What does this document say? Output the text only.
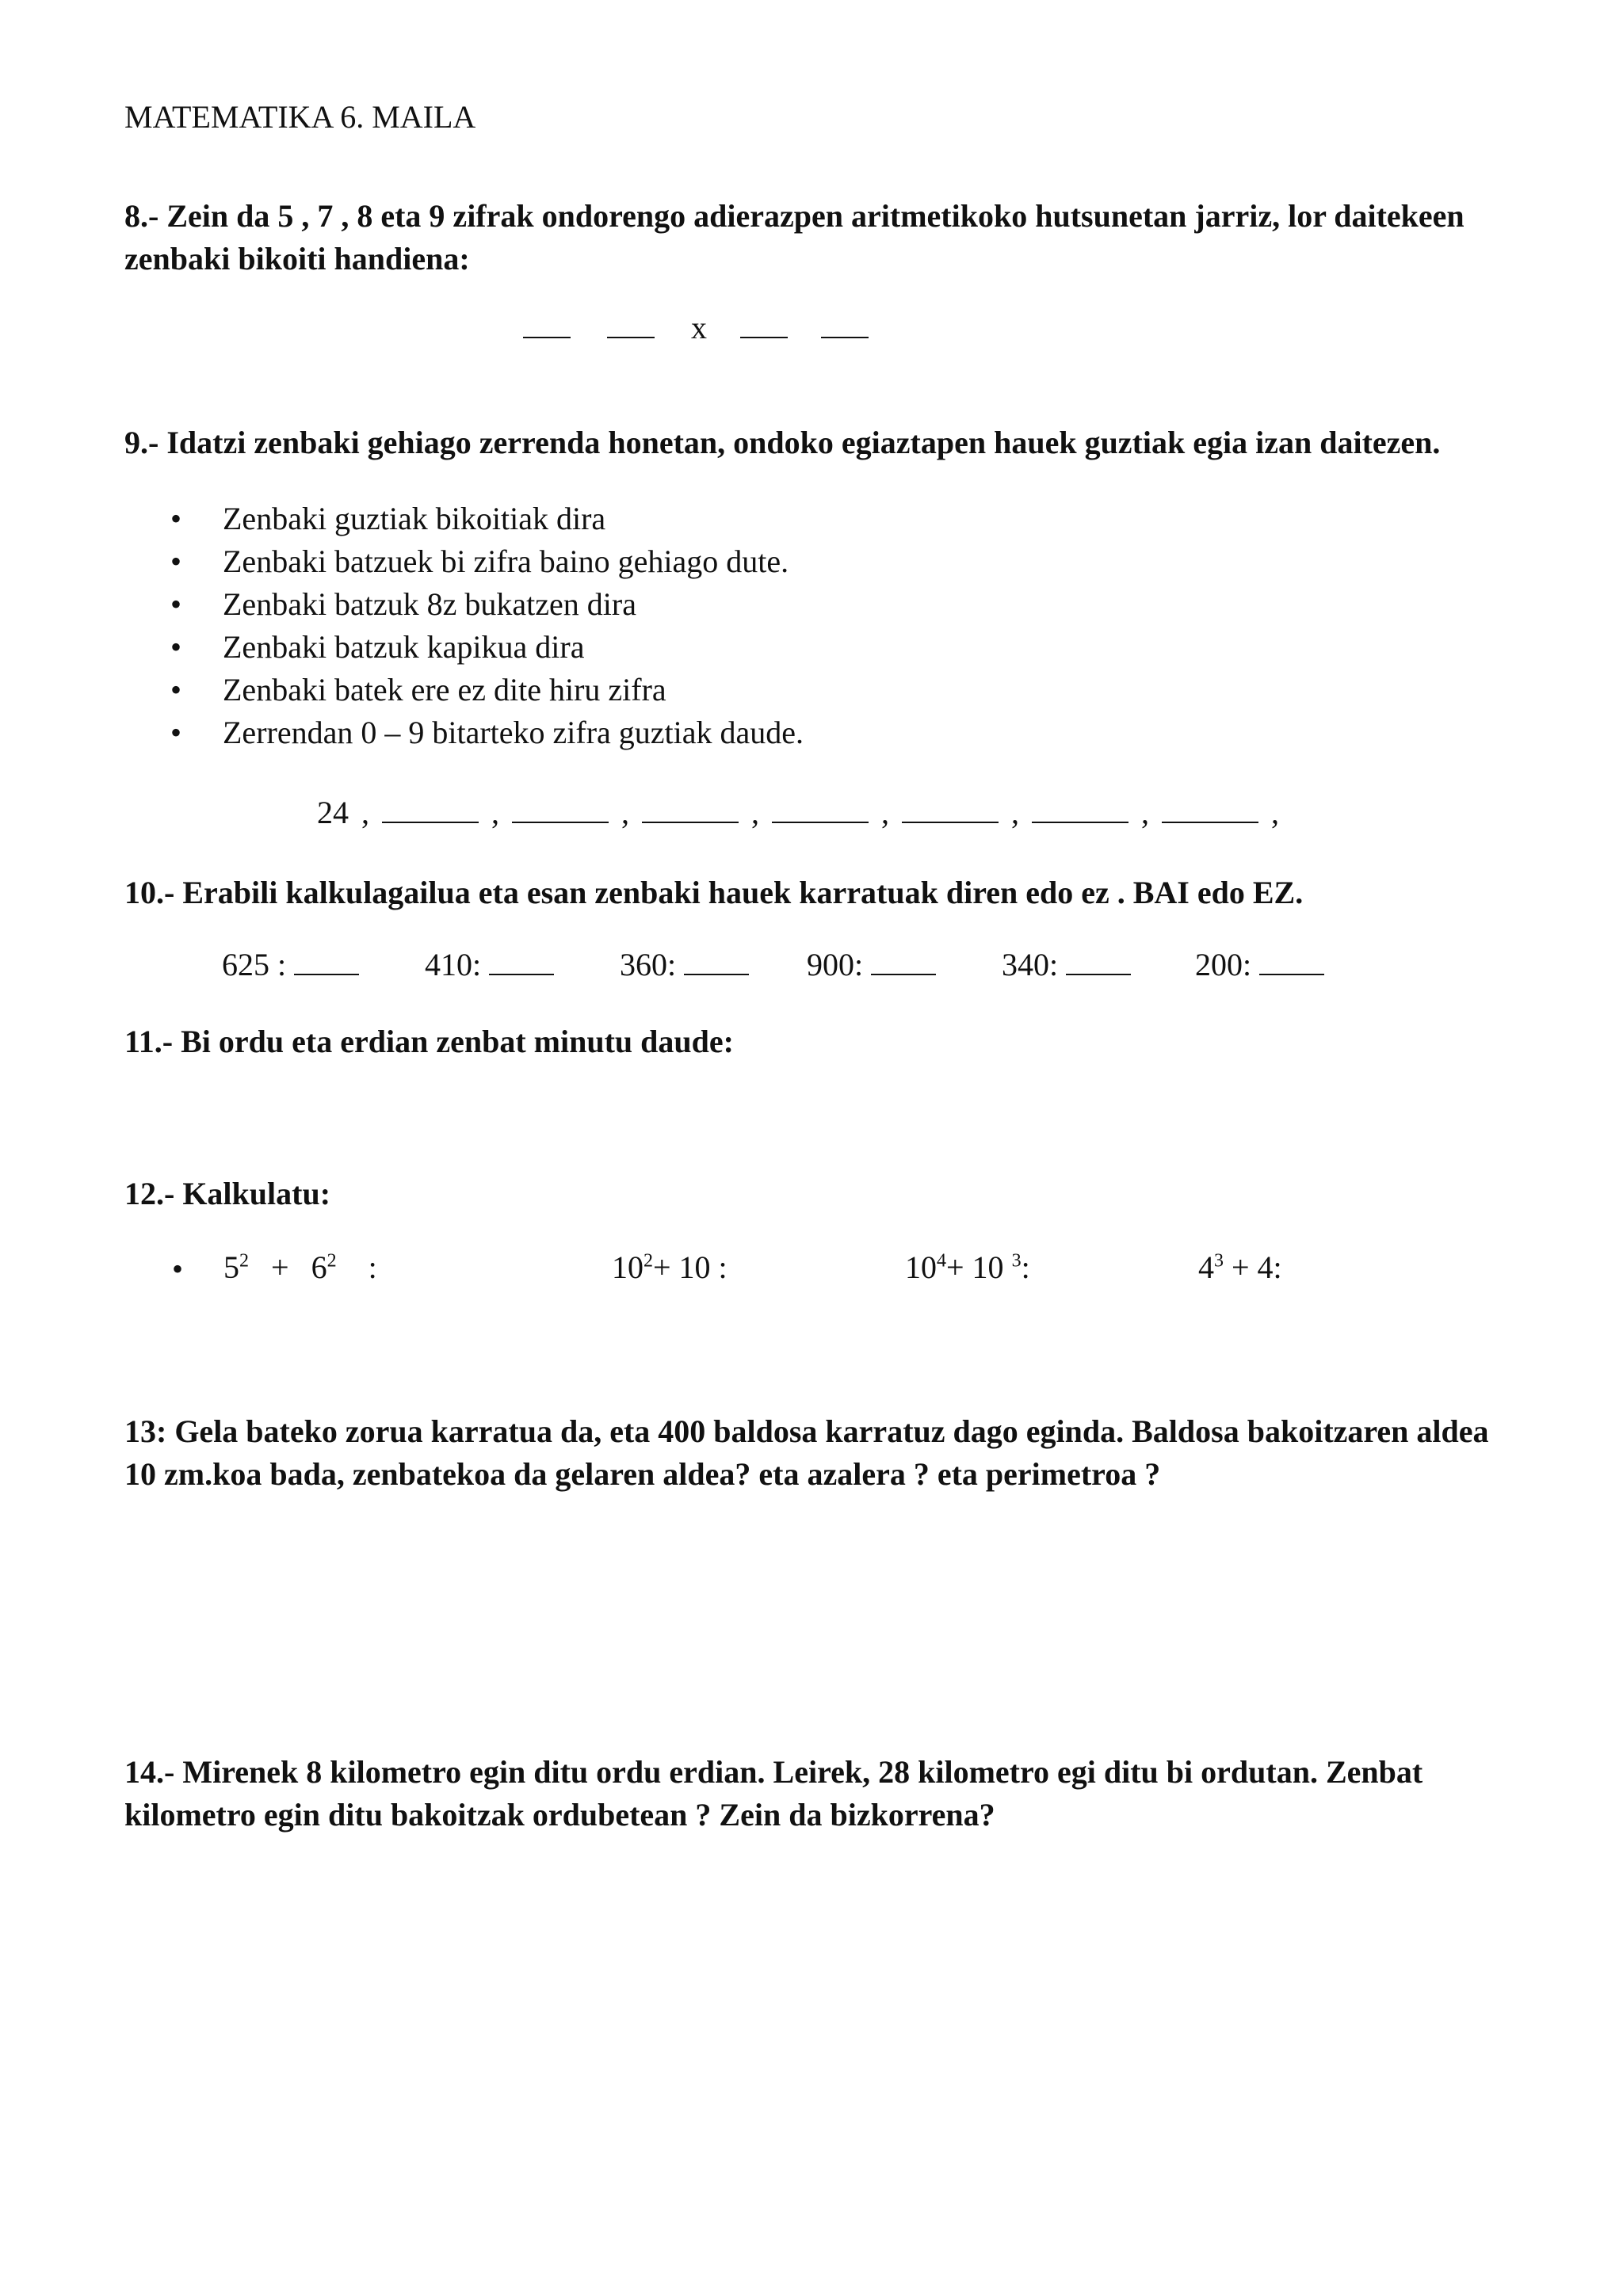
MATEMATIKA 6. MAILA
8.- Zein da 5 , 7 , 8 eta 9 zifrak ondorengo adierazpen aritmetikoko hutsunetan jarriz, lor daitekeen zenbaki bikoiti handiena:
x
9.- Idatzi zenbaki gehiago zerrenda honetan, ondoko egiaztapen hauek guztiak egia izan daitezen.
• Zenbaki guztiak bikoitiak dira
• Zenbaki batzuek bi zifra baino gehiago dute.
• Zenbaki batzuk 8z bukatzen dira
• Zenbaki batzuk kapikua dira
• Zenbaki batek ere ez dite hiru zifra
• Zerrendan 0 – 9 bitarteko zifra guztiak daude.
24 ,	,	,	,	,	,	,	,
10.- Erabili kalkulagailua eta esan zenbaki hauek karratuak diren edo ez . BAI edo EZ.
625 :	410:	360:	900:	340:	200:
11.- Bi ordu eta erdian zenbat minutu daude:
12.- Kalkulatu:
• $5^2 + 6^2$ :	$10^2+ 10$ :	$10^4+ 10$ $^3$:	$4^3 + 4$:
13: Gela bateko zorua karratua da, eta 400 baldosa karratuz dago eginda. Baldosa bakoitzaren aldea 10 zm.koa bada, zenbatekoa da gelaren aldea? eta azalera ? eta perimetroa ?
14.- Mirenek 8 kilometro egin ditu ordu erdian. Leirek, 28 kilometro egi ditu bi ordutan. Zenbat kilometro egin ditu bakoitzak ordubetean ? Zein da bizkorrena?
